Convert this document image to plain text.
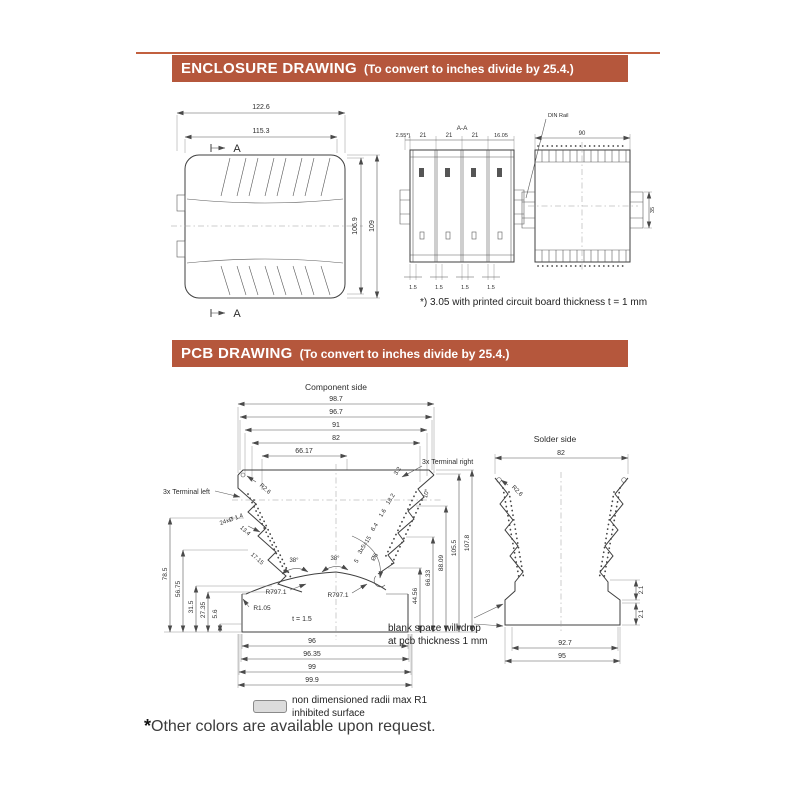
ENCLOSURE DRAWING (To convert to inches divide by 25.4.)
122.6
115.3
A
106.9 109
A
A-A
2.55*) 21	21	21	16.05
1.5	1.5	1.5	1.5
DIN Rail
90
35
*) 3.05 with printed circuit board thickness t = 1 mm
PCB DRAWING (To convert to inches divide by 25.4.)
Component side
98.7
96.7
91
82
66.17
78.5
56.75
31.5 27.35 5.6
44.56
66.33
88.09
105.5 107.8
96
96.35
99
99.9
3x Terminal left
3x Terminal right
24xØ 1.4
R2.6
13.4
17.15
3.2
18.2
1.6
6.4
3x5=15
5 Ø6
10°
38°	38°
R797.1	R797.1
R1.05
t = 1.5
Solder side
82
R2.6
2.1
2.1
92.7
95
blank space will drop
at pcb thickness 1 mm
non dimensioned radii max R1
inhibited surface
*Other colors are available upon request.
